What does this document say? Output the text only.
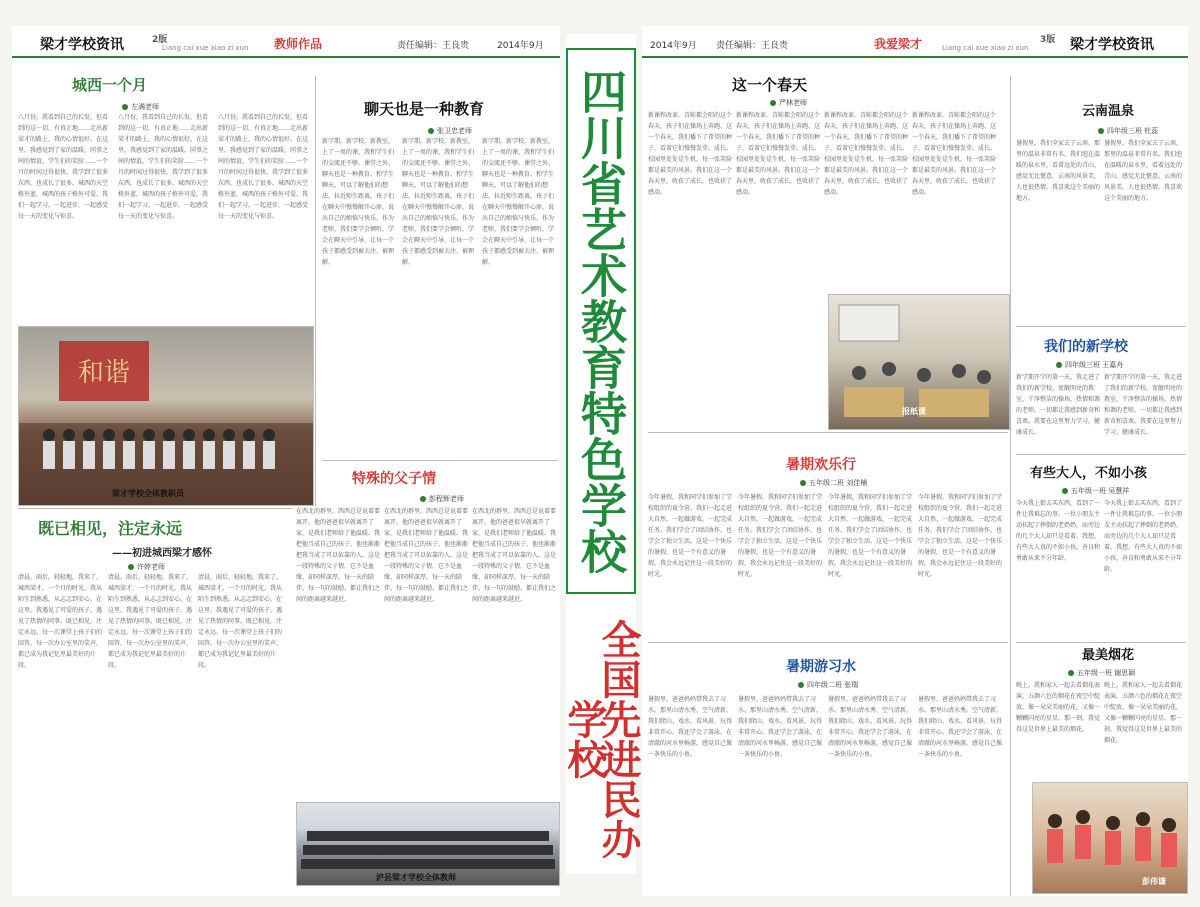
梁才学校资讯	2版
Liang cai xue xiao zi xun 教师作品	责任编辑：王良贵	2014年9月
城西一个月
左满老师
八月份，我看到自己的长发，但看到的这一切，有真正地……走出新梁才的路上，我的心情很好。在这里，我感觉到了家的温暖，同事之间的情谊，学生们的笑脸……一个月的时间过得很快，我学到了很多东西，也成长了很多。城西的天空格外蓝，城西的孩子格外可爱。我们一起学习，一起进步，一起感受每一天的变化与惊喜。
八月份，我看到自己的长发，但看到的这一切，有真正地……走出新梁才的路上，我的心情很好。在这里，我感觉到了家的温暖，同事之间的情谊，学生们的笑脸……一个月的时间过得很快，我学到了很多东西，也成长了很多。城西的天空格外蓝，城西的孩子格外可爱。我们一起学习，一起进步，一起感受每一天的变化与惊喜。
八月份，我看到自己的长发，但看到的这一切，有真正地……走出新梁才的路上，我的心情很好。在这里，我感觉到了家的温暖，同事之间的情谊，学生们的笑脸……一个月的时间过得很快，我学到了很多东西，也成长了很多。城西的天空格外蓝，城西的孩子格外可爱。我们一起学习，一起进步，一起感受每一天的变化与惊喜。
聊天也是一种教育
张卫忠老师
新学期，新学校，新教室，上了一周的课，我和学生们的交流还不够。课堂之外，聊天也是一种教育。和学生聊天，可以了解他们的想法，拉近师生距离。孩子们在聊天中慢慢敞开心扉，说出自己的烦恼与快乐。作为老师，我们要学会倾听，学会在聊天中引导，让每一个孩子都感受到被关注、被理解。
新学期，新学校，新教室，上了一周的课，我和学生们的交流还不够。课堂之外，聊天也是一种教育。和学生聊天，可以了解他们的想法，拉近师生距离。孩子们在聊天中慢慢敞开心扉，说出自己的烦恼与快乐。作为老师，我们要学会倾听，学会在聊天中引导，让每一个孩子都感受到被关注、被理解。
新学期，新学校，新教室，上了一周的课，我和学生们的交流还不够。课堂之外，聊天也是一种教育。和学生聊天，可以了解他们的想法，拉近师生距离。孩子们在聊天中慢慢敞开心扉，说出自己的烦恼与快乐。作为老师，我们要学会倾听，学会在聊天中引导，让每一个孩子都感受到被关注、被理解。
和谐
梁才学校全体教职员
特殊的父子情
彭程辉老师
在西北的群里，西西总是说着要离开。他的爸爸很早就离开了家，是我们老师给了他温暖。我把他当成自己的孩子，他也渐渐把我当成了可以依靠的人。这是一段特殊的父子情，它不是血缘，却同样深厚。每一天的陪伴，每一句的鼓励，都让我们之间的距离越来越近。
在西北的群里，西西总是说着要离开。他的爸爸很早就离开了家，是我们老师给了他温暖。我把他当成自己的孩子，他也渐渐把我当成了可以依靠的人。这是一段特殊的父子情，它不是血缘，却同样深厚。每一天的陪伴，每一句的鼓励，都让我们之间的距离越来越近。
在西北的群里，西西总是说着要离开。他的爸爸很早就离开了家，是我们老师给了他温暖。我把他当成自己的孩子，他也渐渐把我当成了可以依靠的人。这是一段特殊的父子情，它不是血缘，却同样深厚。每一天的陪伴，每一句的鼓励，都让我们之间的距离越来越近。
既已相见，注定永远
——初进城西梁才感怀
许婷老师
清晨，雨后，轻轻地，我来了，城西梁才。一个月的时光，我从陌生到熟悉，从忐忑到安心。在这里，我遇见了可爱的孩子，遇见了热情的同事。既已相见，注定永远。每一次课堂上孩子们的回答，每一次办公室里的笑声，都已成为我记忆里最美好的片段。
清晨，雨后，轻轻地，我来了，城西梁才。一个月的时光，我从陌生到熟悉，从忐忑到安心。在这里，我遇见了可爱的孩子，遇见了热情的同事。既已相见，注定永远。每一次课堂上孩子们的回答，每一次办公室里的笑声，都已成为我记忆里最美好的片段。
清晨，雨后，轻轻地，我来了，城西梁才。一个月的时光，我从陌生到熟悉，从忐忑到安心。在这里，我遇见了可爱的孩子，遇见了热情的同事。既已相见，注定永远。每一次课堂上孩子们的回答，每一次办公室里的笑声，都已成为我记忆里最美好的片段。
泸县梁才学校全体教师
四川省艺术教育特色学校
全国先进民办学校
2014年9月 责任编辑：王良贵	我爱梁才	Liang cai xue xiao zi xun
3版 梁才学校资讯
这一个春天
严林老师
新课程改革，青蛙都会唱的这个春天，孩子们在操场上奔跑。这一个春天，我们播下了希望的种子，看着它们慢慢发芽、成长。校园里处处是生机，每一张笑脸都是最美的风景。我们在这一个春天里，收获了成长，也收获了感动。
新课程改革，青蛙都会唱的这个春天，孩子们在操场上奔跑。这一个春天，我们播下了希望的种子，看着它们慢慢发芽、成长。校园里处处是生机，每一张笑脸都是最美的风景。我们在这一个春天里，收获了成长，也收获了感动。
新课程改革，青蛙都会唱的这个春天，孩子们在操场上奔跑。这一个春天，我们播下了希望的种子，看着它们慢慢发芽、成长。校园里处处是生机，每一张笑脸都是最美的风景。我们在这一个春天里，收获了成长，也收获了感动。
新课程改革，青蛙都会唱的这个春天，孩子们在操场上奔跑。这一个春天，我们播下了希望的种子，看着它们慢慢发芽、成长。校园里处处是生机，每一张笑脸都是最美的风景。我们在这一个春天里，收获了成长，也收获了感动。
报纸课
云南温泉
四年级三班 杜蕊
暑假里，我们全家去了云南。那里的温泉非常有名，我们泡在温暖的泉水里，看着远处的青山，感觉无比惬意。云南的风景美，人也很热情，我喜欢这个美丽的地方。
暑假里，我们全家去了云南。那里的温泉非常有名，我们泡在温暖的泉水里，看着远处的青山，感觉无比惬意。云南的风景美，人也很热情，我喜欢这个美丽的地方。
我们的新学校
四年级三班 王嘉舟
新学期开学的第一天，我走进了我们的新学校。宽敞明亮的教室，干净整洁的操场，热情和蔼的老师，一切都让我感到新奇和喜欢。我要在这里努力学习，健康成长。
新学期开学的第一天，我走进了我们的新学校。宽敞明亮的教室，干净整洁的操场，热情和蔼的老师，一切都让我感到新奇和喜欢。我要在这里努力学习，健康成长。
暑期欢乐行
五年级二班 刘佳楠
今年暑假，我和同学们参加了学校组织的夏令营。我们一起走进大自然，一起做游戏，一起完成任务。我们学会了团结协作，也学会了独立生活。这是一个快乐的暑假，也是一个有意义的暑假，我会永远记住这一段美好的时光。
今年暑假，我和同学们参加了学校组织的夏令营。我们一起走进大自然，一起做游戏，一起完成任务。我们学会了团结协作，也学会了独立生活。这是一个快乐的暑假，也是一个有意义的暑假，我会永远记住这一段美好的时光。
今年暑假，我和同学们参加了学校组织的夏令营。我们一起走进大自然，一起做游戏，一起完成任务。我们学会了团结协作，也学会了独立生活。这是一个快乐的暑假，也是一个有意义的暑假，我会永远记住这一段美好的时光。
今年暑假，我和同学们参加了学校组织的夏令营。我们一起走进大自然，一起做游戏，一起完成任务。我们学会了团结协作，也学会了独立生活。这是一个快乐的暑假，也是一个有意义的暑假，我会永远记住这一段美好的时光。
暑期游习水
四年级二班 张瑞
暑假里，爸爸妈妈带我去了习水。那里山清水秀，空气清新，我们爬山、戏水、看风景，玩得非常开心。我还学会了游泳，在清澈的河水里畅游，感觉自己像一条快乐的小鱼。
暑假里，爸爸妈妈带我去了习水。那里山清水秀，空气清新，我们爬山、戏水、看风景，玩得非常开心。我还学会了游泳，在清澈的河水里畅游，感觉自己像一条快乐的小鱼。
暑假里，爸爸妈妈带我去了习水。那里山清水秀，空气清新，我们爬山、戏水、看风景，玩得非常开心。我还学会了游泳，在清澈的河水里畅游，感觉自己像一条快乐的小鱼。
暑假里，爸爸妈妈带我去了习水。那里山清水秀，空气清新，我们爬山、戏水、看风景，玩得非常开心。我还学会了游泳，在清澈的河水里畅游，感觉自己像一条快乐的小鱼。
有些大人，不如小孩
五年级一班 吴慧祥
今天我上街去买东西，看到了一件让我难忘的事。一位小朋友主动扶起了摔倒的老奶奶，而旁边的几个大人却只是看着。我想，有些大人真的不如小孩，善良和勇敢从来不分年龄。
今天我上街去买东西，看到了一件让我难忘的事。一位小朋友主动扶起了摔倒的老奶奶，而旁边的几个大人却只是看着。我想，有些大人真的不如小孩，善良和勇敢从来不分年龄。
最美烟花
五年级一班 谢思颖
晚上，我和家人一起去看烟花表演。五颜六色的烟花在夜空中绽放，像一朵朵美丽的花，又像一颗颗闪亮的星星。那一刻，我觉得这是世界上最美的烟花。
晚上，我和家人一起去看烟花表演。五颜六色的烟花在夜空中绽放，像一朵朵美丽的花，又像一颗颗闪亮的星星。那一刻，我觉得这是世界上最美的烟花。
彭伟谦
